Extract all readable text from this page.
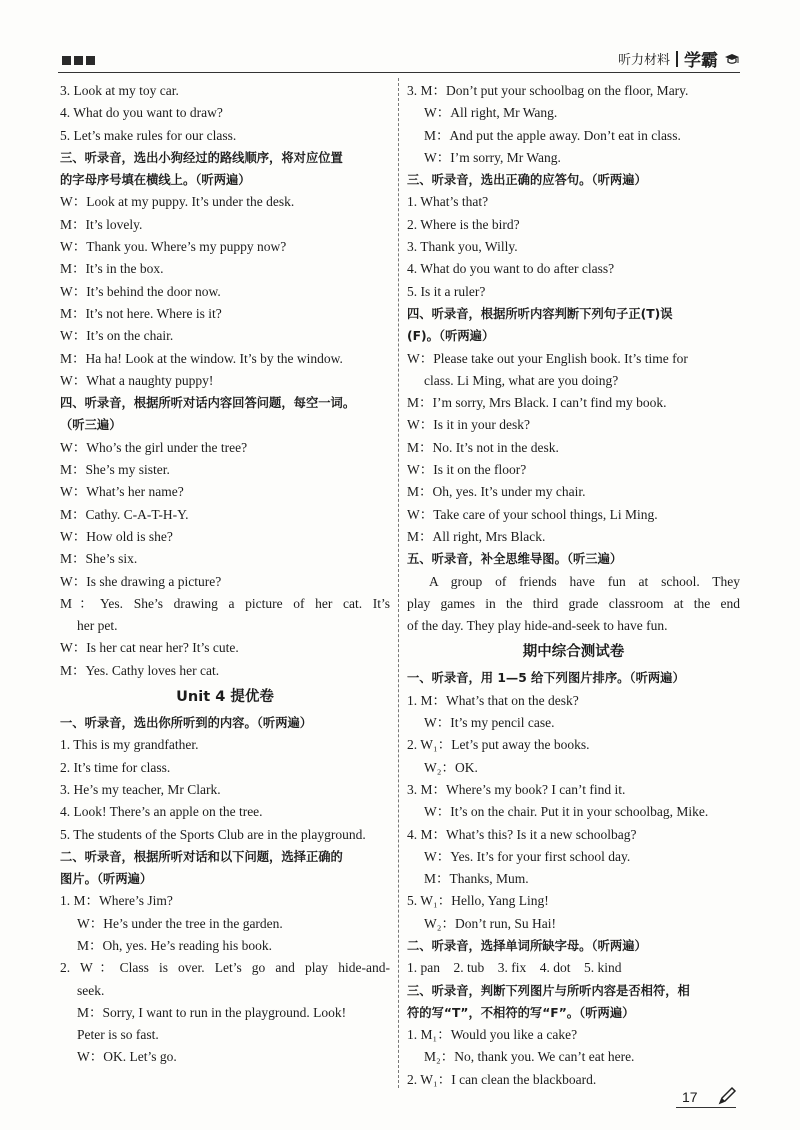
听力材料 学霸
3. Look at my toy car.
4. What do you want to draw?
5. Let’s make rules for our class.
三、听录音，选出小狗经过的路线顺序，将对应位置
的字母序号填在横线上。（听两遍）
W：Look at my puppy. It’s under the desk.
M：It’s lovely.
W：Thank you. Where’s my puppy now?
M：It’s in the box.
W：It’s behind the door now.
M：It’s not here. Where is it?
W：It’s on the chair.
M：Ha ha! Look at the window. It’s by the window.
W：What a naughty puppy!
四、听录音，根据所听对话内容回答问题，每空一词。
（听三遍）
W：Who’s the girl under the tree?
M：She’s my sister.
W：What’s her name?
M：Cathy. C-A-T-H-Y.
W：How old is she?
M：She’s six.
W：Is she drawing a picture?
M：Yes. She’s drawing a picture of her cat. It’s
her pet.
W：Is her cat near her? It’s cute.
M：Yes. Cathy loves her cat.
Unit 4 提优卷
一、听录音，选出你所听到的内容。（听两遍）
1. This is my grandfather.
2. It’s time for class.
3. He’s my teacher, Mr Clark.
4. Look! There’s an apple on the tree.
5. The students of the Sports Club are in the playground.
二、听录音，根据所听对话和以下问题，选择正确的
图片。（听两遍）
1. M：Where’s Jim?
W：He’s under the tree in the garden.
M：Oh, yes. He’s reading his book.
2. W：Class is over. Let’s go and play hide-and-
seek.
M：Sorry, I want to run in the playground. Look!
Peter is so fast.
W：OK. Let’s go.
3. M：Don’t put your schoolbag on the floor, Mary.
W：All right, Mr Wang.
M：And put the apple away. Don’t eat in class.
W：I’m sorry, Mr Wang.
三、听录音，选出正确的应答句。（听两遍）
1. What’s that?
2. Where is the bird?
3. Thank you, Willy.
4. What do you want to do after class?
5. Is it a ruler?
四、听录音，根据所听内容判断下列句子正(T)误
(F)。（听两遍）
W：Please take out your English book. It’s time for
class. Li Ming, what are you doing?
M：I’m sorry, Mrs Black. I can’t find my book.
W：Is it in your desk?
M：No. It’s not in the desk.
W：Is it on the floor?
M：Oh, yes. It’s under my chair.
W：Take care of your school things, Li Ming.
M：All right, Mrs Black.
五、听录音，补全思维导图。（听三遍）
A group of friends have fun at school. They
play games in the third grade classroom at the end
of the day. They play hide-and-seek to have fun.
期中综合测试卷
一、听录音，用 1—5 给下列图片排序。（听两遍）
1. M：What’s that on the desk?
W：It’s my pencil case.
2. W₁：Let’s put away the books.
W₂：OK.
3. M：Where’s my book? I can’t find it.
W：It’s on the chair. Put it in your schoolbag, Mike.
4. M：What’s this? Is it a new schoolbag?
W：Yes. It’s for your first school day.
M：Thanks, Mum.
5. W₁：Hello, Yang Ling!
W₂：Don’t run, Su Hai!
二、听录音，选择单词所缺字母。（听两遍）
1. pan　2. tub　3. fix　4. dot　5. kind
三、听录音，判断下列图片与所听内容是否相符，相
符的写“T”，不相符的写“F”。（听两遍）
1. M₁：Would you like a cake?
M₂：No, thank you. We can’t eat here.
2. W₁：I can clean the blackboard.
17
